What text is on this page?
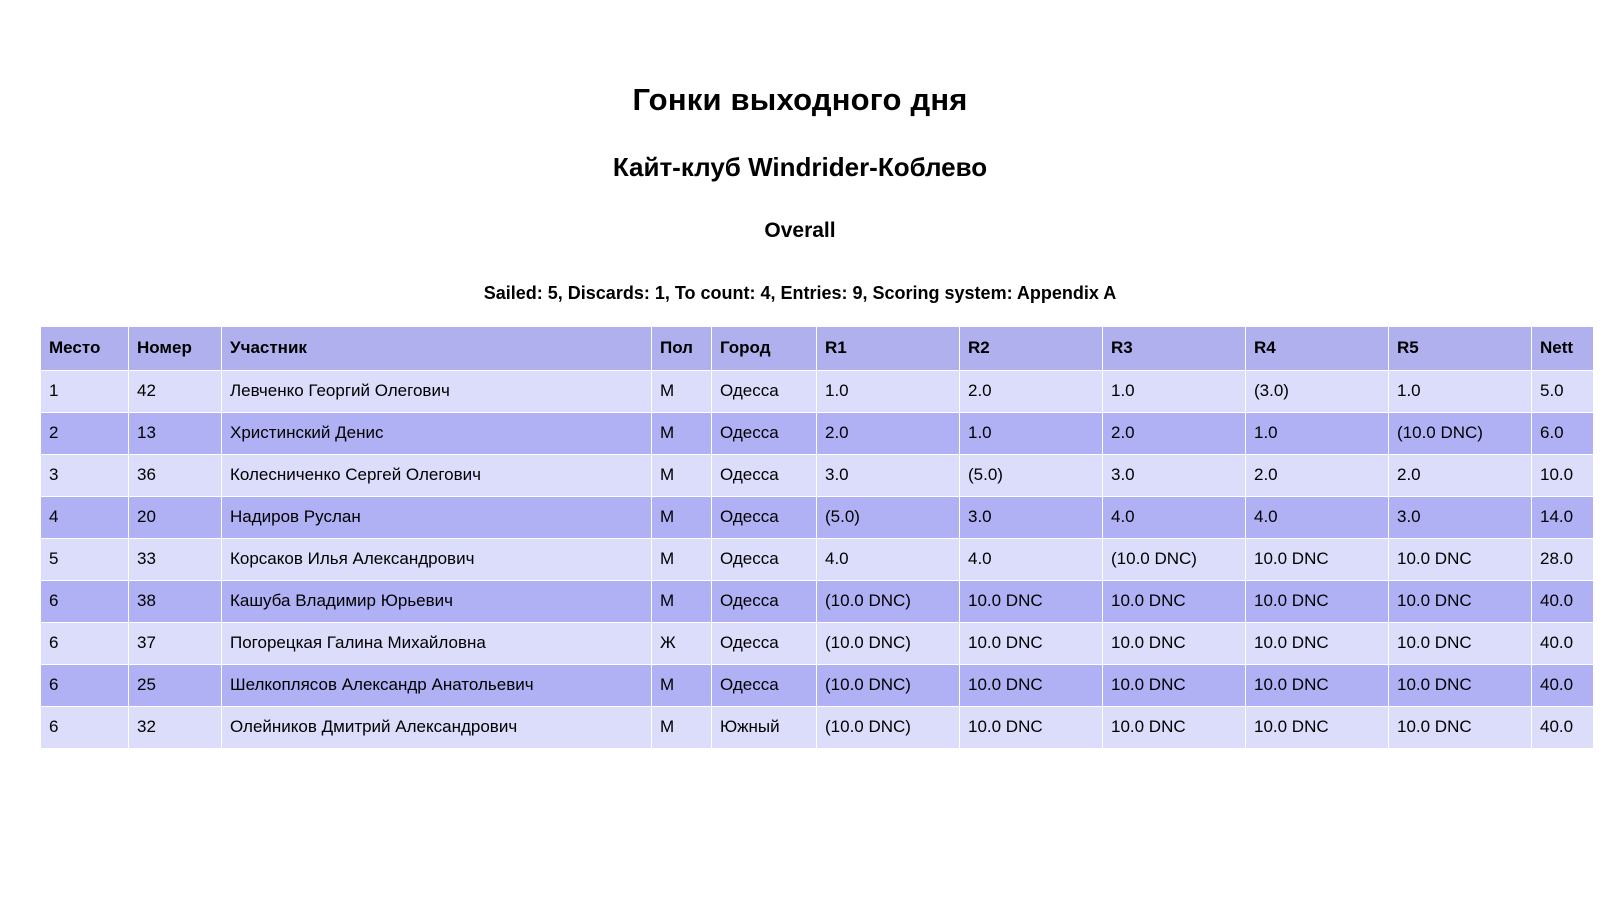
Гонки выходного дня
Кайт-клуб Windrider-Коблево
Overall
Sailed: 5, Discards: 1, To count: 4, Entries: 9, Scoring system: Appendix A
Место	Номер	Участник	Пол	Город	R1	R2	R3	R4	R5	Nett
1	42	Левченко Георгий Олегович	М	Одесса	1.0	2.0	1.0	(3.0)	1.0	5.0
2	13	Христинский Денис	М	Одесса	2.0	1.0	2.0	1.0	(10.0 DNC)	6.0
3	36	Колесниченко Сергей Олегович	М	Одесса	3.0	(5.0)	3.0	2.0	2.0	10.0
4	20	Надиров Руслан	М	Одесса	(5.0)	3.0	4.0	4.0	3.0	14.0
5	33	Корсаков Илья Александрович	М	Одесса	4.0	4.0	(10.0 DNC)	10.0 DNC	10.0 DNC	28.0
6	38	Кашуба Владимир Юрьевич	М	Одесса	(10.0 DNC)	10.0 DNC	10.0 DNC	10.0 DNC	10.0 DNC	40.0
6	37	Погорецкая Галина Михайловна	Ж	Одесса	(10.0 DNC)	10.0 DNC	10.0 DNC	10.0 DNC	10.0 DNC	40.0
6	25	Шелкоплясов Александр Анатольевич	М	Одесса	(10.0 DNC)	10.0 DNC	10.0 DNC	10.0 DNC	10.0 DNC	40.0
6	32	Олейников Дмитрий Александрович	М	Южный	(10.0 DNC)	10.0 DNC	10.0 DNC	10.0 DNC	10.0 DNC	40.0
